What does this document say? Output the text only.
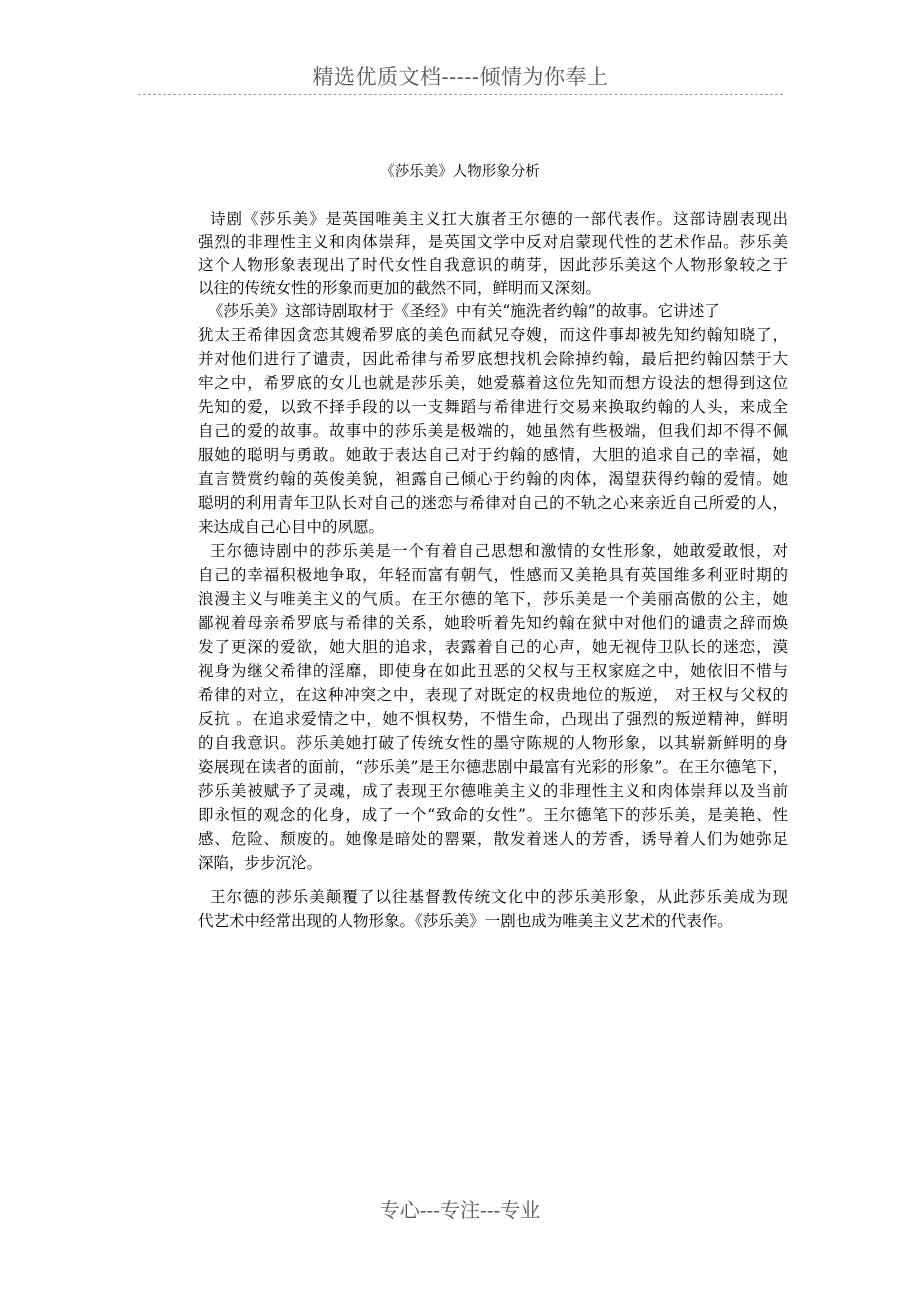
精选优质文档-----倾情为你奉上
《莎乐美》人物形象分析
诗剧《莎乐美》是英国唯美主义扛大旗者王尔德的一部代表作。这部诗剧表现出
强烈的非理性主义和肉体崇拜，是英国文学中反对启蒙现代性的艺术作品。莎乐美
这个人物形象表现出了时代女性自我意识的萌芽，因此莎乐美这个人物形象较之于
以往的传统女性的形象而更加的截然不同，鲜明而又深刻。
《莎乐美》这部诗剧取材于《圣经》中有关“施洗者约翰”的故事。它讲述了
犹太王希律因贪恋其嫂希罗底的美色而弑兄夺嫂，而这件事却被先知约翰知晓了，
并对他们进行了谴责，因此希律与希罗底想找机会除掉约翰，最后把约翰囚禁于大
牢之中，希罗底的女儿也就是莎乐美，她爱慕着这位先知而想方设法的想得到这位
先知的爱，以致不择手段的以一支舞蹈与希律进行交易来换取约翰的人头，来成全
自己的爱的故事。故事中的莎乐美是极端的，她虽然有些极端，但我们却不得不佩
服她的聪明与勇敢。她敢于表达自己对于约翰的感情，大胆的追求自己的幸福，她
直言赞赏约翰的英俊美貌，袒露自己倾心于约翰的肉体，渴望获得约翰的爱情。她
聪明的利用青年卫队长对自己的迷恋与希律对自己的不轨之心来亲近自己所爱的人，
来达成自己心目中的夙愿。
王尔德诗剧中的莎乐美是一个有着自己思想和激情的女性形象，她敢爱敢恨，对
自己的幸福积极地争取，年轻而富有朝气，性感而又美艳具有英国维多利亚时期的
浪漫主义与唯美主义的气质。在王尔德的笔下，莎乐美是一个美丽高傲的公主，她
鄙视着母亲希罗底与希律的关系，她聆听着先知约翰在狱中对他们的谴责之辞而焕
发了更深的爱欲，她大胆的追求，表露着自己的心声，她无视侍卫队长的迷恋，漠
视身为继父希律的淫靡，即使身在如此丑恶的父权与王权家庭之中，她依旧不惜与
希律的对立，在这种冲突之中，表现了对既定的权贵地位的叛逆， 对王权与父权的
反抗 。在追求爱情之中，她不惧权势，不惜生命，凸现出了强烈的叛逆精神，鲜明
的自我意识。莎乐美她打破了传统女性的墨守陈规的人物形象，以其崭新鲜明的身
姿展现在读者的面前，“莎乐美”是王尔德悲剧中最富有光彩的形象”。在王尔德笔下，
莎乐美被赋予了灵魂，成了表现王尔德唯美主义的非理性主义和肉体崇拜以及当前
即永恒的观念的化身，成了一个“致命的女性”。王尔德笔下的莎乐美，是美艳、性
感、危险、颓废的。她像是暗处的罂粟，散发着迷人的芳香，诱导着人们为她弥足
深陷，步步沉沦。
王尔德的莎乐美颠覆了以往基督教传统文化中的莎乐美形象，从此莎乐美成为现
代艺术中经常出现的人物形象。《莎乐美》一剧也成为唯美主义艺术的代表作。
专心---专注---专业
